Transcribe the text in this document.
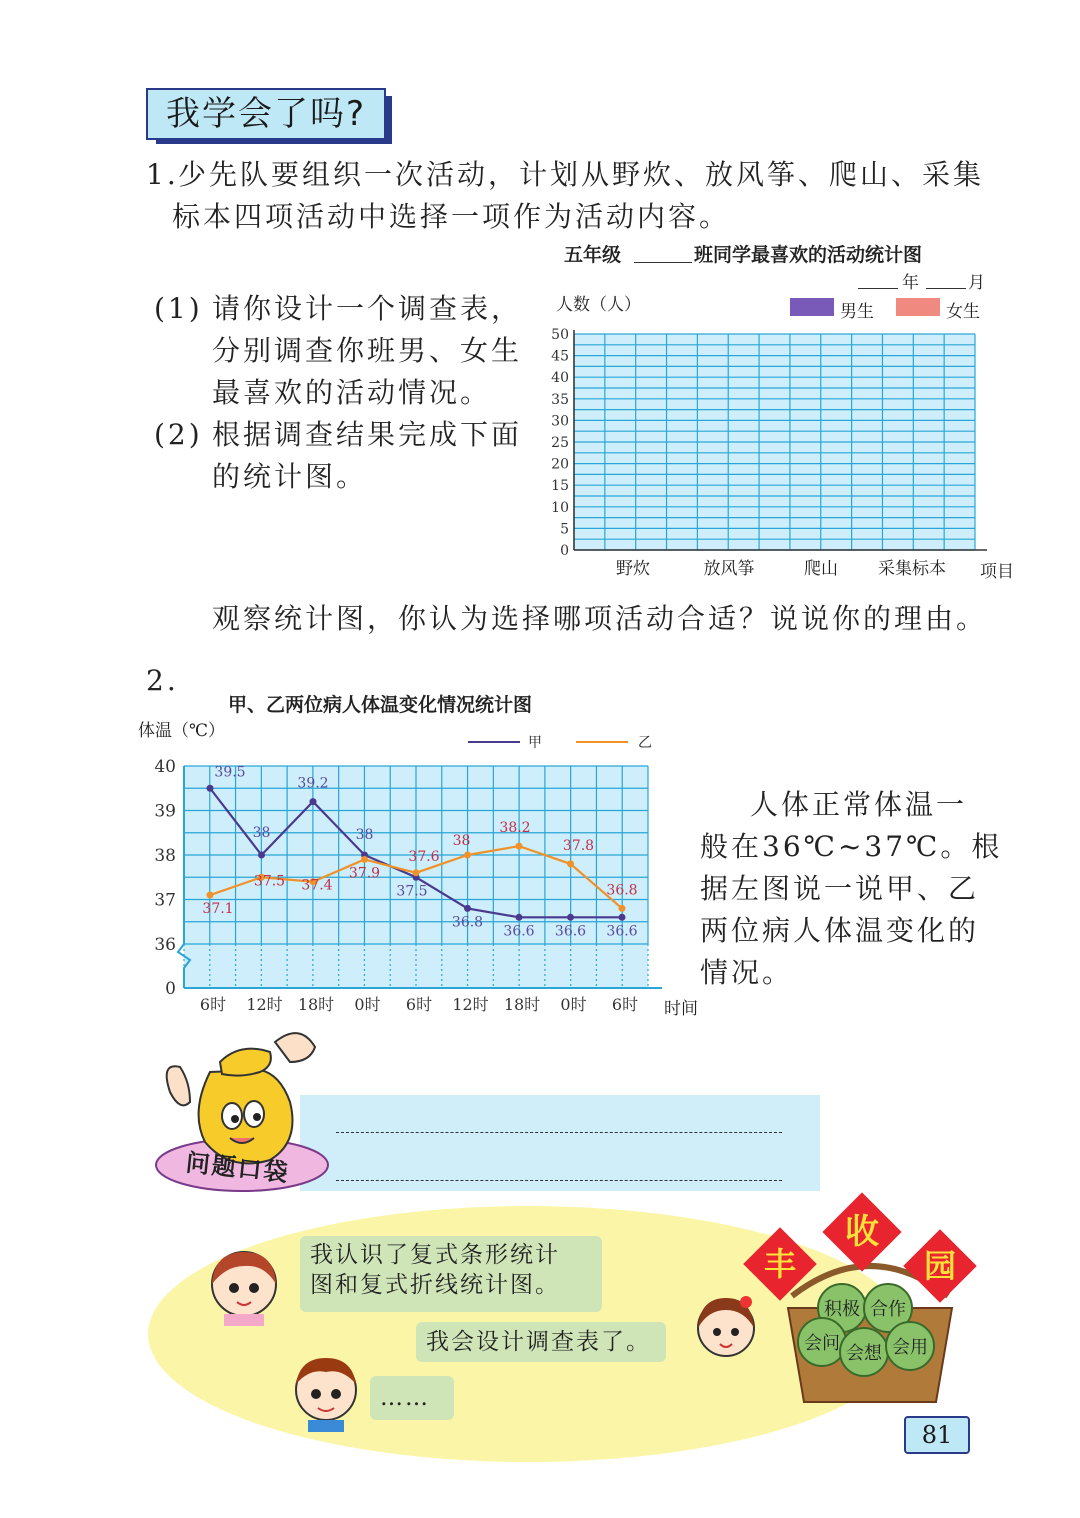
我学会了吗?
1. 少先队要组织一次活动，计划从野炊、放风筝、爬山、采集
标本四项活动中选择一项作为活动内容。
(1) 请你设计一个调查表，
分别调查你班男、女生
最喜欢的活动情况。
(2) 根据调查结果完成下面
的统计图。
五年级	班同学最喜欢的活动统计图
年	月
人数（人）	男生	女生
0
5
10
15
20
25
30
35
40
45
50
野炊	放风筝	爬山 采集标本 项目
观察统计图，你认为选择哪项活动合适？说说你的理由。
2.
甲、乙两位病人体温变化情况统计图
体温（℃）
甲	乙
0
36
37
38
39
40
6时 12时 18时 0时 6时 12时 18时 0时 6时
39.5
38
39.2
38
37.5
36.8
36.6 36.6 36.6
37.1
37.5 37.4
37.9
37.6
38
38.2
37.8
36.8
时间
人体正常体温一
般在36℃~37℃。根
据左图说一说甲、乙
两位病人体温变化的
情况。
问题口袋
我认识了复式条形统计
图和复式折线统计图。
我会设计调查表了。
……
积极 合作
会问 会想 会用
丰
收
园
81
